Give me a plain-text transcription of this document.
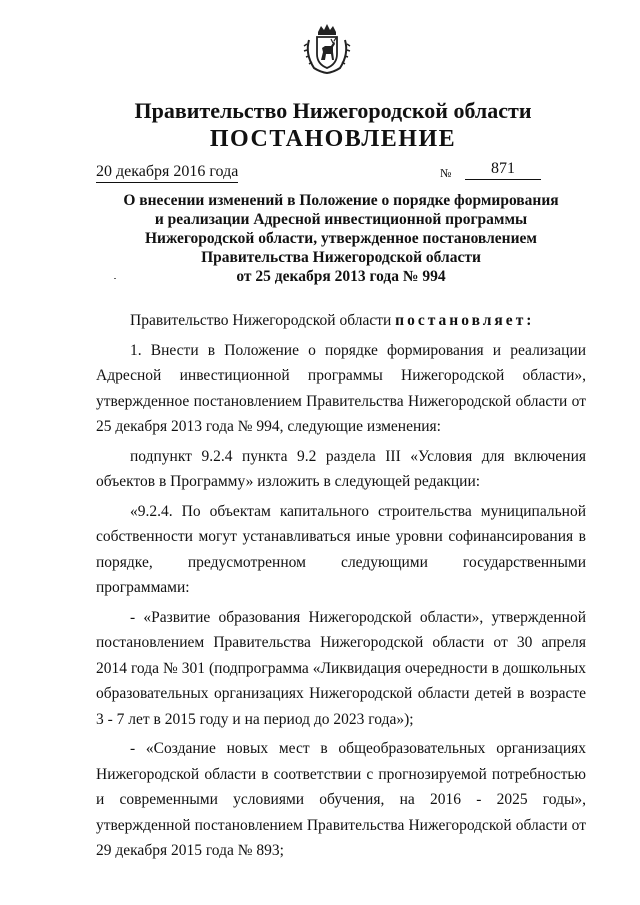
Правительство Нижегородской области
ПОСТАНОВЛЕНИЕ
20 декабря 2016 года	№	871
О внесении изменений в Положение о порядке формирования
и реализации Адресной инвестиционной программы
Нижегородской области, утвержденное постановлением
Правительства Нижегородской области
от 25 декабря 2013 года № 994

Правительство Нижегородской области постановляет:

1. Внести в Положение о порядке формирования и реализации Адресной инвестиционной программы Нижегородской области», утвержденное постановлением Правительства Нижегородской области от 25 декабря 2013 года № 994, следующие изменения:

подпункт 9.2.4 пункта 9.2 раздела III «Условия для включения объектов в Программу» изложить в следующей редакции:

«9.2.4. По объектам капитального строительства муниципальной собственности могут устанавливаться иные уровни софинансирования в порядке, предусмотренном следующими государственными программами:

- «Развитие образования Нижегородской области», утвержденной постановлением Правительства Нижегородской области от 30 апреля 2014 года № 301 (подпрограмма «Ликвидация очередности в дошкольных образовательных организациях Нижегородской области детей в возрасте 3 - 7 лет в 2015 году и на период до 2023 года»);

- «Создание новых мест в общеобразовательных организациях Нижегородской области в соответствии с прогнозируемой потребностью и современными условиями обучения, на 2016 - 2025 годы», утвержденной постановлением Правительства Нижегородской области от 29 декабря 2015 года № 893;
